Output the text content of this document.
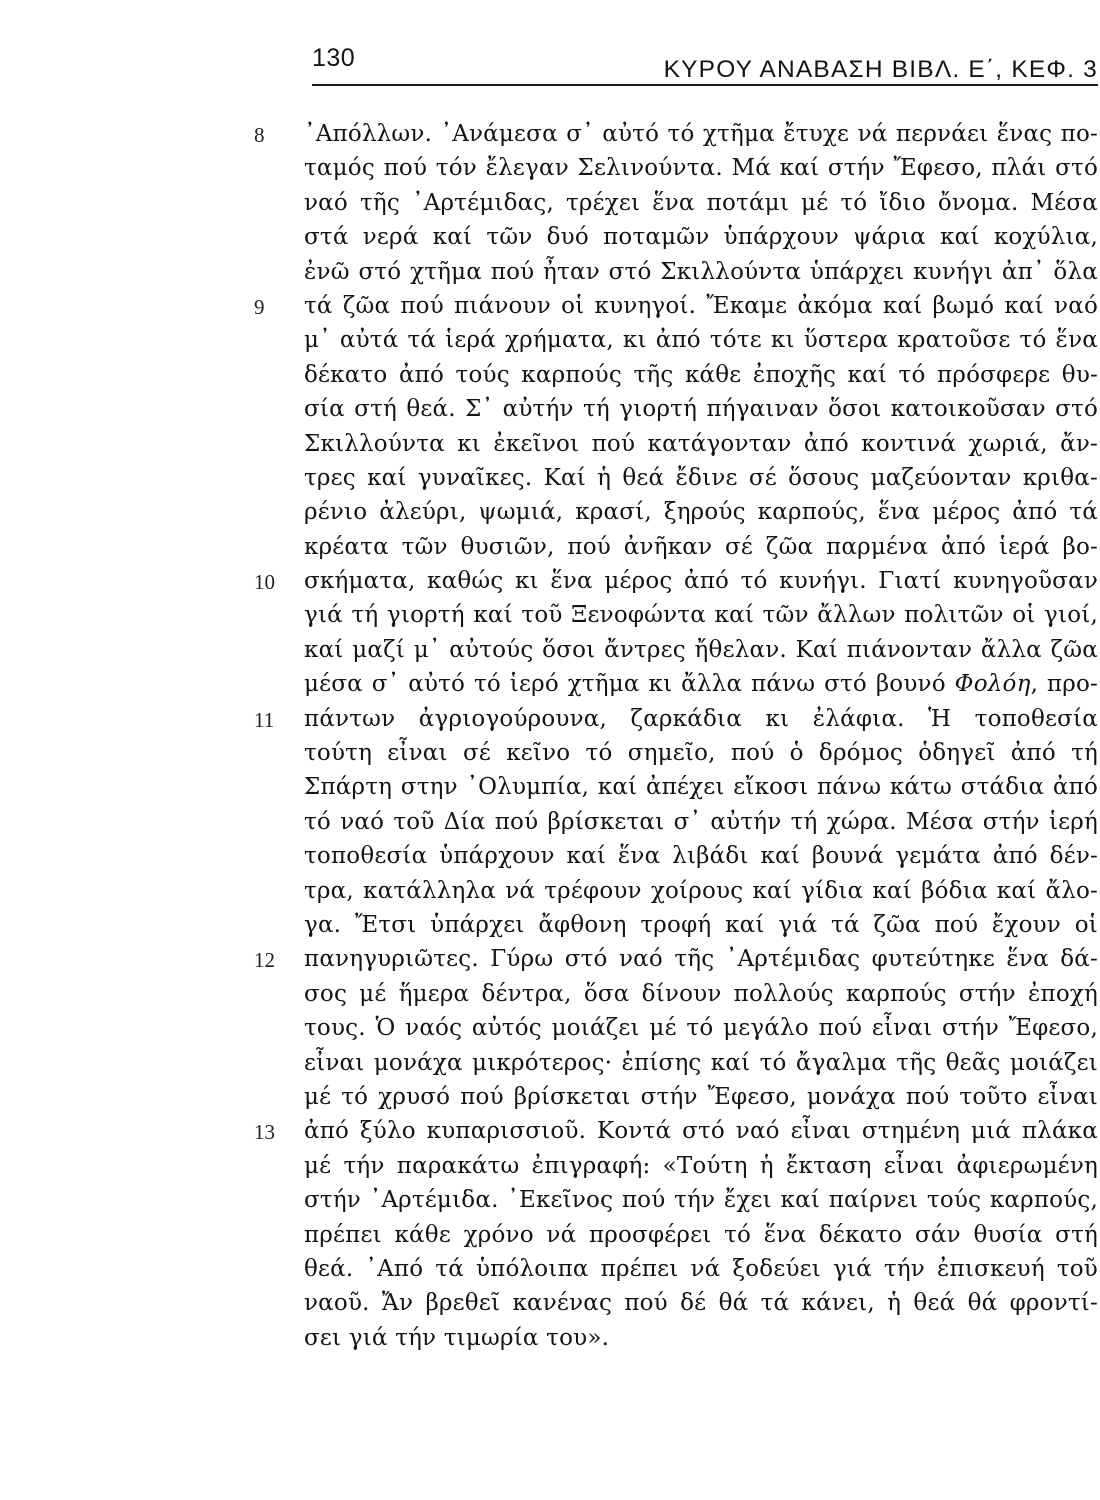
130	ΚΥΡΟΥ ΑΝΑΒΑΣΗ ΒΙΒΛ. Ε΄, ΚΕΦ. 3
8	᾽Απόλλων. ᾽Ανάμεσα σ᾽ αὐτό τό χτῆμα ἔτυχε νά περνάει ἕνας πο-
ταμός πού τόν ἔλεγαν Σελινούντα. Μά καί στήν Ἔφεσο, πλάι στό
ναό τῆς ᾽Αρτέμιδας, τρέχει ἕνα ποτάμι μέ τό ἴδιο ὄνομα. Μέσα
στά νερά καί τῶν δυό ποταμῶν ὑπάρχουν ψάρια καί κοχύλια,
ἐνῶ στό χτῆμα πού ἦταν στό Σκιλλούντα ὑπάρχει κυνήγι ἀπ᾽ ὅλα
9	τά ζῶα πού πιάνουν οἱ κυνηγοί. Ἔκαμε ἀκόμα καί βωμό καί ναό
μ᾽ αὐτά τά ἱερά χρήματα, κι ἀπό τότε κι ὕστερα κρατοῦσε τό ἕνα
δέκατο ἀπό τούς καρπούς τῆς κάθε ἐποχῆς καί τό πρόσφερε θυ-
σία στή θεά. Σ᾽ αὐτήν τή γιορτή πήγαιναν ὅσοι κατοικοῦσαν στό
Σκιλλούντα κι ἐκεῖνοι πού κατάγονταν ἀπό κοντινά χωριά, ἄν-
τρες καί γυναῖκες. Καί ἡ θεά ἔδινε σέ ὅσους μαζεύονταν κριθα-
ρένιο ἀλεύρι, ψωμιά, κρασί, ξηρούς καρπούς, ἕνα μέρος ἀπό τά
κρέατα τῶν θυσιῶν, πού ἀνῆκαν σέ ζῶα παρμένα ἀπό ἱερά βο-
10	σκήματα, καθώς κι ἕνα μέρος ἀπό τό κυνήγι. Γιατί κυνηγοῦσαν
γιά τή γιορτή καί τοῦ Ξενοφώντα καί τῶν ἄλλων πολιτῶν οἱ γιοί,
καί μαζί μ᾽ αὐτούς ὅσοι ἄντρες ἤθελαν. Καί πιάνονταν ἄλλα ζῶα
μέσα σ᾽ αὐτό τό ἱερό χτῆμα κι ἄλλα πάνω στό βουνό Φολόη, προ-
11	πάντων ἀγριογούρουνα, ζαρκάδια κι ἐλάφια. Ἡ τοποθεσία
τούτη εἶναι σέ κεῖνο τό σημεῖο, πού ὁ δρόμος ὁδηγεῖ ἀπό τή
Σπάρτη στην ᾽Ολυμπία, καί ἀπέχει εἴκοσι πάνω κάτω στάδια ἀπό
τό ναό τοῦ Δία πού βρίσκεται σ᾽ αὐτήν τή χώρα. Μέσα στήν ἱερή
τοποθεσία ὑπάρχουν καί ἕνα λιβάδι καί βουνά γεμάτα ἀπό δέν-
τρα, κατάλληλα νά τρέφουν χοίρους καί γίδια καί βόδια καί ἄλο-
γα. Ἔτσι ὑπάρχει ἄφθονη τροφή καί γιά τά ζῶα πού ἔχουν οἱ
12	πανηγυριῶτες. Γύρω στό ναό τῆς ᾽Αρτέμιδας φυτεύτηκε ἕνα δά-
σος μέ ἥμερα δέντρα, ὅσα δίνουν πολλούς καρπούς στήν ἐποχή
τους. Ὁ ναός αὐτός μοιάζει μέ τό μεγάλο πού εἶναι στήν Ἔφεσο,
εἶναι μονάχα μικρότερος· ἐπίσης καί τό ἄγαλμα τῆς θεᾶς μοιάζει
μέ τό χρυσό πού βρίσκεται στήν Ἔφεσο, μονάχα πού τοῦτο εἶναι
13	ἀπό ξύλο κυπαρισσιοῦ. Κοντά στό ναό εἶναι στημένη μιά πλάκα
μέ τήν παρακάτω ἐπιγραφή: «Τούτη ἡ ἔκταση εἶναι ἀφιερωμένη
στήν ᾽Αρτέμιδα. ᾽Εκεῖνος πού τήν ἔχει καί παίρνει τούς καρπούς,
πρέπει κάθε χρόνο νά προσφέρει τό ἕνα δέκατο σάν θυσία στή
θεά. ᾽Από τά ὑπόλοιπα πρέπει νά ξοδεύει γιά τήν ἐπισκευή τοῦ
ναοῦ. Ἄν βρεθεῖ κανένας πού δέ θά τά κάνει, ἡ θεά θά φροντί-
σει γιά τήν τιμωρία του».
